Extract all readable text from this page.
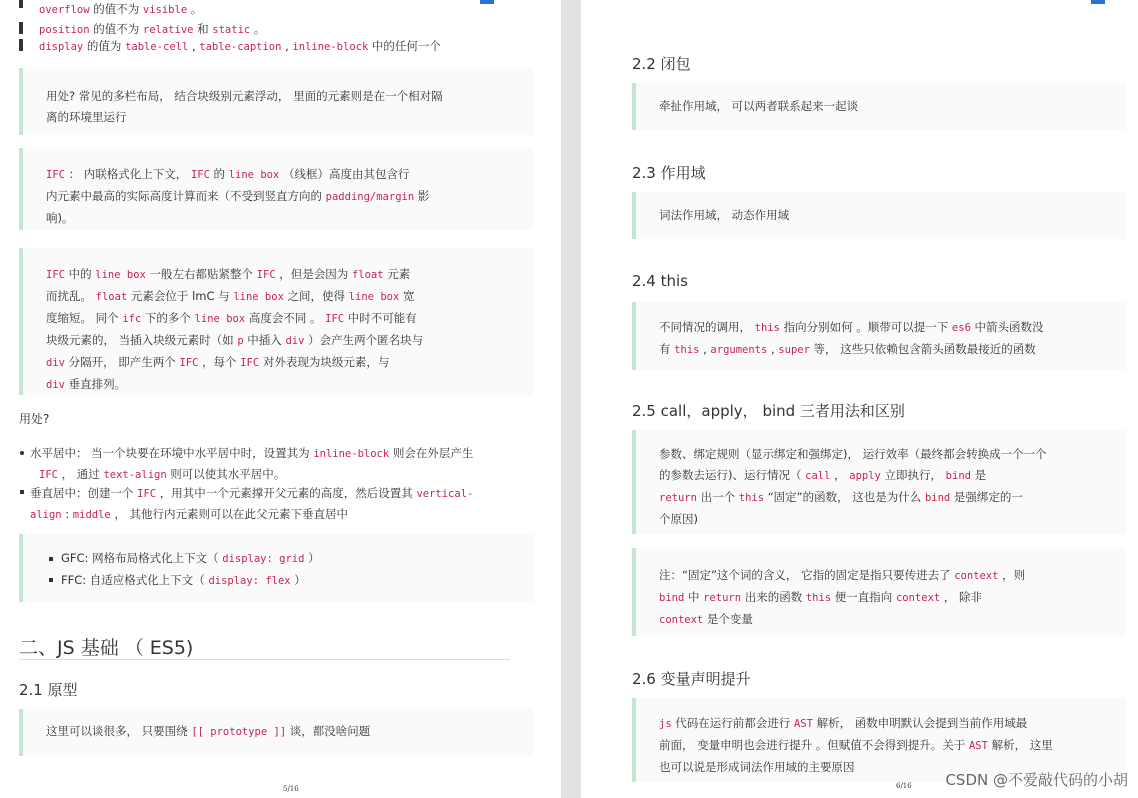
overflow 的值不为 visible 。
position 的值不为 relative 和 static 。
display 的值为 table-cell , table-caption , inline-block 中的任何一个
用处? 常见的多栏布局， 结合块级别元素浮动， 里面的元素则是在一个相对隔
离的环境里运行
IFC ： 内联格式化上下文， IFC 的 line box （线框）高度由其包含行
内元素中最高的实际高度计算而来（不受到竖直方向的 padding/margin 影
响)。
IFC 中的 line box 一般左右都贴紧整个 IFC ，但是会因为 float 元素
而扰乱。 float 元素会位于 lmC 与 line box 之间，使得 line box 宽
度缩短。 同个 ifc 下的多个 line box 高度会不同 。 IFC 中时不可能有
块级元素的， 当插入块级元素时（如 p 中插入 div ）会产生两个匿名块与
div 分隔开， 即产生两个 IFC ，每个 IFC 对外表现为块级元素，与
div 垂直排列。
用处?
水平居中： 当一个块要在环境中水平居中时，设置其为 inline-block 则会在外层产生
IFC ， 通过 text-align 则可以使其水平居中。
垂直居中：创建一个 IFC ，用其中一个元素撑开父元素的高度，然后设置其 vertical-
align : middle ， 其他行内元素则可以在此父元素下垂直居中
GFC: 网格布局格式化上下文（ display: grid ）
FFC: 自适应格式化上下文（ display: flex ）
二、JS 基础 （ ES5)
2.1 原型
这里可以谈很多， 只要围绕 [[ prototype ]] 谈，都没啥问题
5/16
2.2 闭包
牵扯作用域， 可以两者联系起来一起谈
2.3 作用域
词法作用域， 动态作用域
2.4 this
不同情况的调用， this 指向分别如何 。顺带可以提一下 es6 中箭头函数没
有 this , arguments , super 等， 这些只依赖包含箭头函数最接近的函数
2.5 call，apply， bind 三者用法和区别
参数、绑定规则（显示绑定和强绑定)， 运行效率（最终都会转换成一个一个
的参数去运行)、运行情况（ call ， apply 立即执行， bind 是
return 出一个 this “固定”的函数， 这也是为什么 bind 是强绑定的一
个原因)
注：“固定”这个词的含义， 它指的固定是指只要传进去了 context ，则
bind 中 return 出来的函数 this 便一直指向 context ， 除非
context 是个变量
2.6 变量声明提升
js 代码在运行前都会进行 AST 解析， 函数申明默认会提到当前作用域最
前面， 变量申明也会进行提升 。但赋值不会得到提升。关于 AST 解析， 这里
也可以说是形成词法作用域的主要原因
6/16 CSDN @不爱敲代码的小胡
